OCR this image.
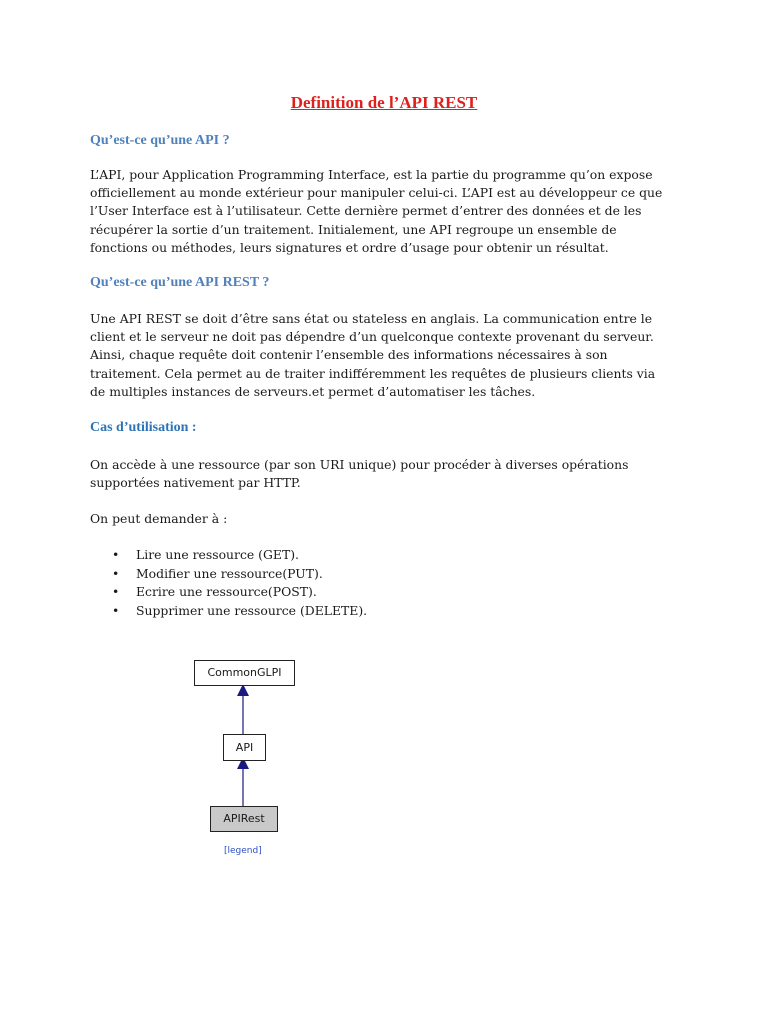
Definition de l’API REST
Qu’est-ce qu’une API ?

L’API, pour Application Programming Interface, est la partie du programme qu’on expose
officiellement au monde extérieur pour manipuler celui-ci. L’API est au développeur ce que
l’User Interface est à l’utilisateur. Cette dernière permet d’entrer des données et de les
récupérer la sortie d’un traitement. Initialement, une API regroupe un ensemble de
fonctions ou méthodes, leurs signatures et ordre d’usage pour obtenir un résultat.

Qu’est-ce qu’une API REST ?

Une API REST se doit d’être sans état ou stateless en anglais. La communication entre le
client et le serveur ne doit pas dépendre d’un quelconque contexte provenant du serveur.
Ainsi, chaque requête doit contenir l’ensemble des informations nécessaires à son
traitement. Cela permet au de traiter indifféremment les requêtes de plusieurs clients via
de multiples instances de serveurs.et permet d’automatiser les tâches.

Cas d’utilisation :

On accède à une ressource (par son URI unique) pour procéder à diverses opérations
supportées nativement par HTTP.

On peut demander à :

• Lire une ressource (GET).
• Modifier une ressource(PUT).
• Ecrire une ressource(POST).
• Supprimer une ressource (DELETE).
CommonGLPI
API
APIRest
[legend]
